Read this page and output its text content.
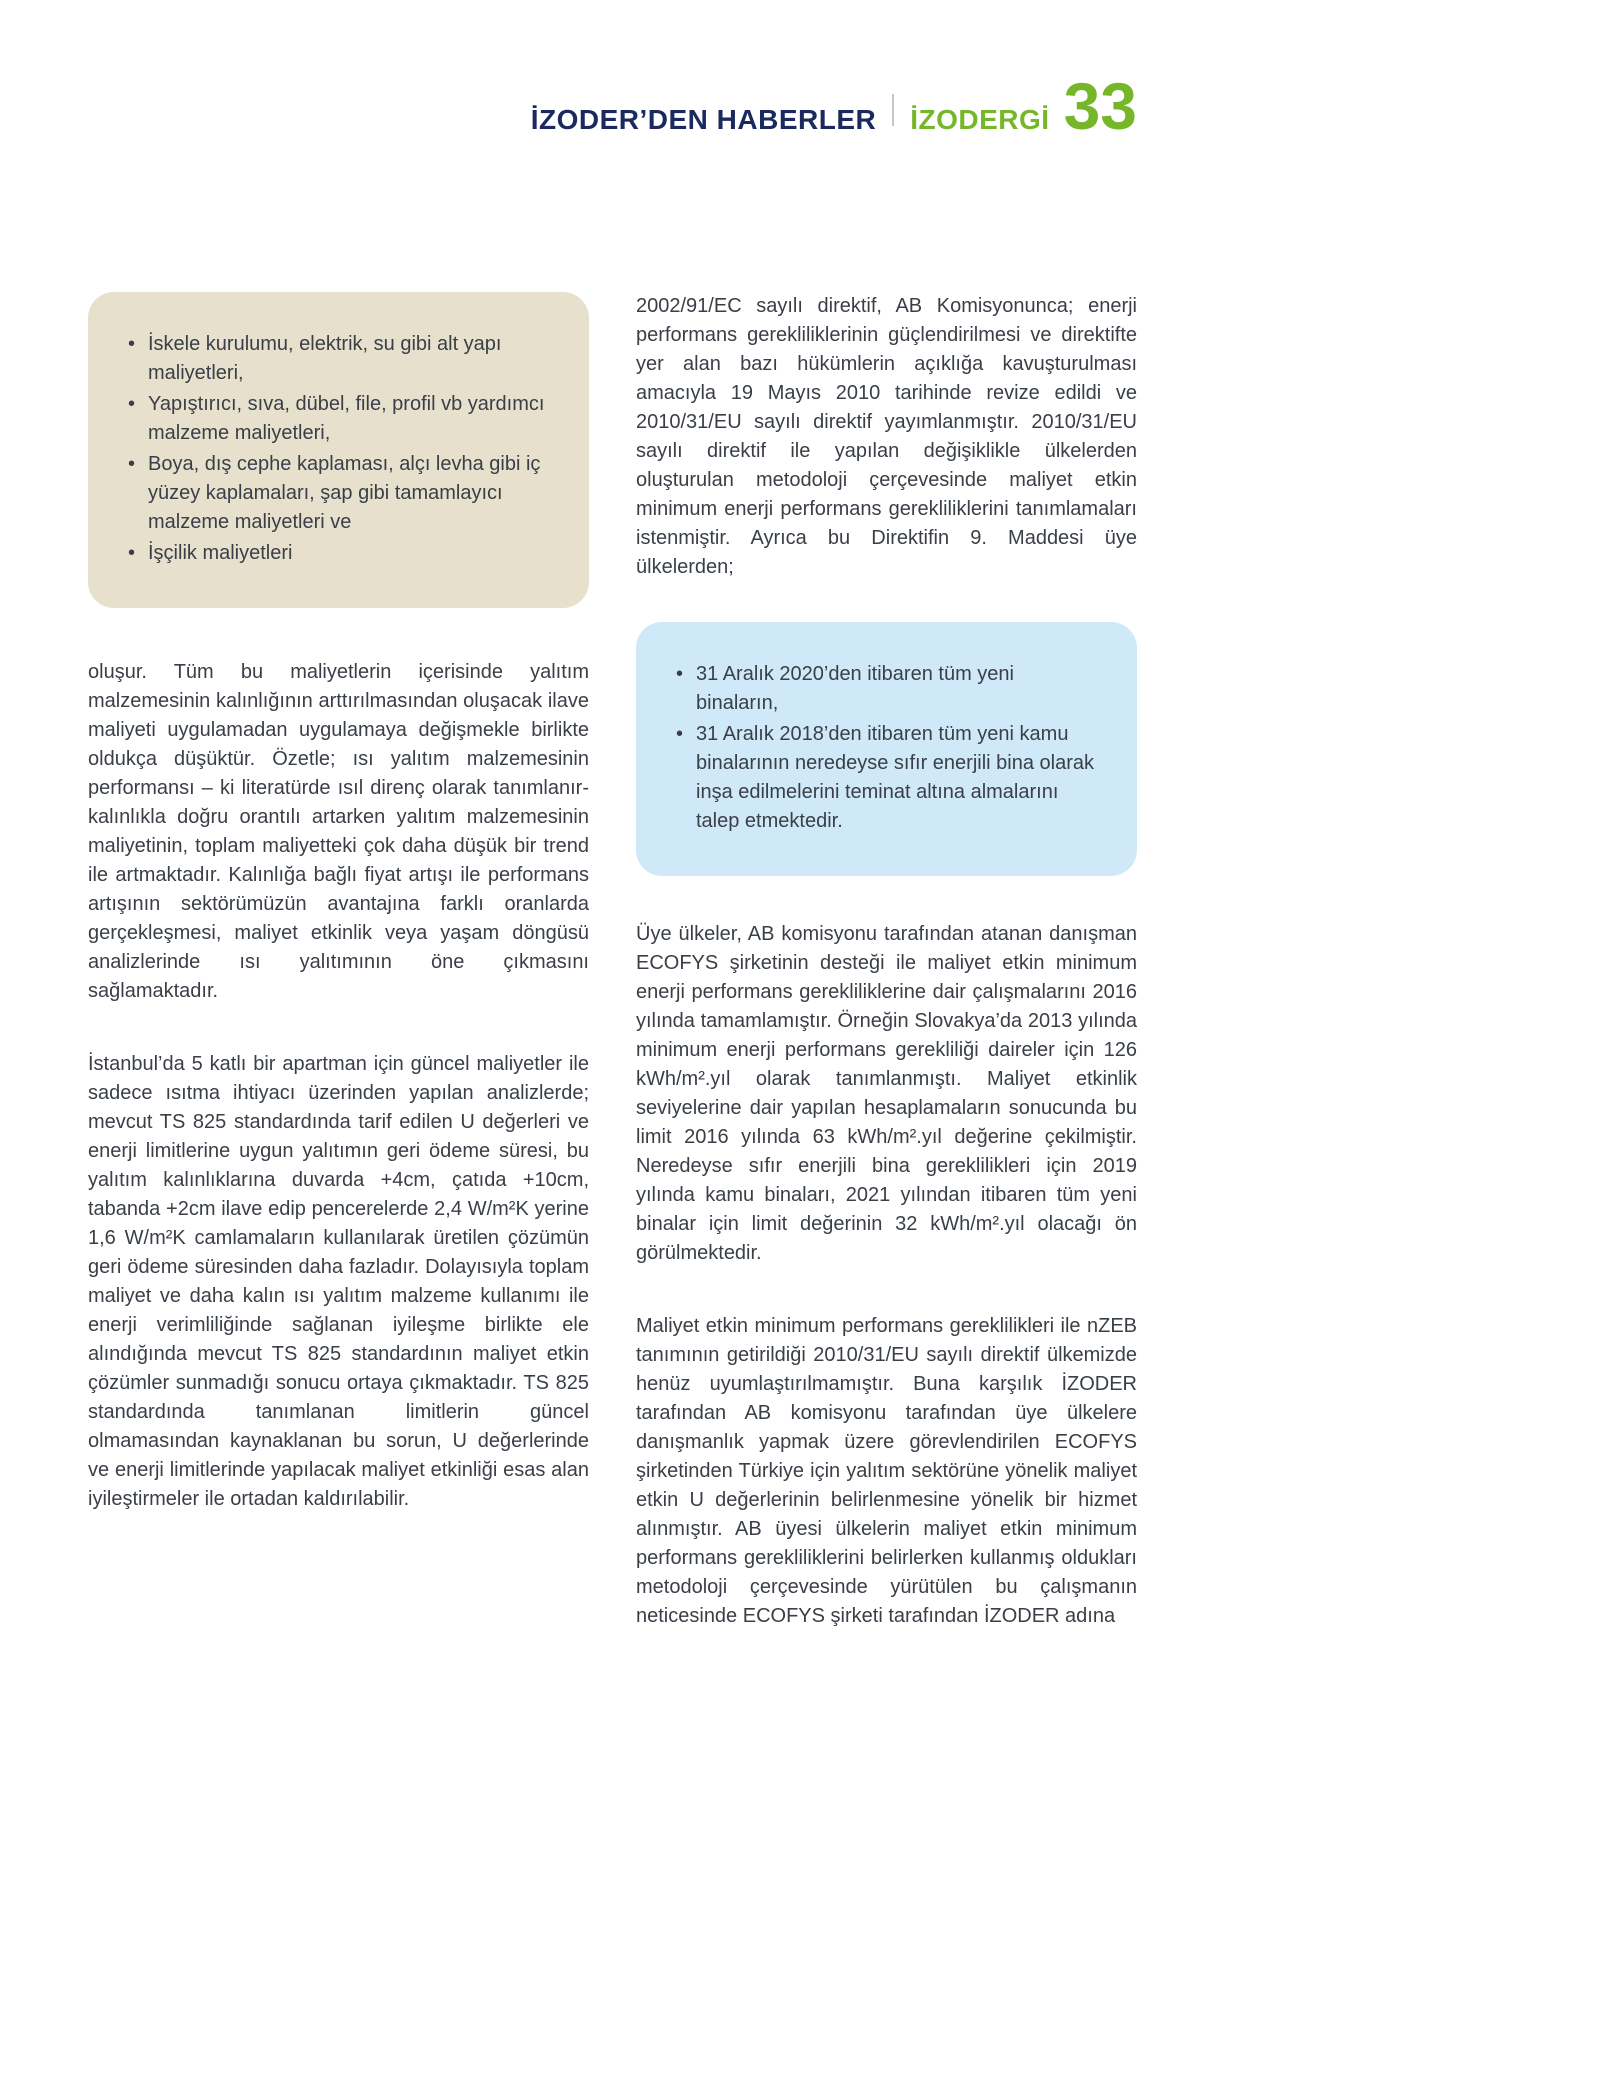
İZODER’DEN HABERLER İZODERGİ 33
• İskele kurulumu, elektrik, su gibi alt yapı maliyetleri,
• Yapıştırıcı, sıva, dübel, file, profil vb yardımcı malzeme maliyetleri,
• Boya, dış cephe kaplaması, alçı levha gibi iç yüzey kaplamaları, şap gibi tamamlayıcı malzeme maliyetleri ve
• İşçilik maliyetleri

oluşur. Tüm bu maliyetlerin içerisinde yalıtım malzemesinin kalınlığının arttırılmasından oluşacak ilave maliyeti uygulamadan uygulamaya değişmekle birlikte oldukça düşüktür. Özetle; ısı yalıtım malzemesinin performansı – ki literatürde ısıl direnç olarak tanımlanır- kalınlıkla doğru orantılı artarken yalıtım malzemesinin maliyetinin, toplam maliyetteki çok daha düşük bir trend ile artmaktadır. Kalınlığa bağlı fiyat artışı ile performans artışının sektörümüzün avantajına farklı oranlarda gerçekleşmesi, maliyet etkinlik veya yaşam döngüsü analizlerinde ısı yalıtımının öne çıkmasını sağlamaktadır.

İstanbul’da 5 katlı bir apartman için güncel maliyetler ile sadece ısıtma ihtiyacı üzerinden yapılan analizlerde; mevcut TS 825 standardında tarif edilen U değerleri ve enerji limitlerine uygun yalıtımın geri ödeme süresi, bu yalıtım kalınlıklarına duvarda +4cm, çatıda +10cm, tabanda +2cm ilave edip pencerelerde 2,4 W/m²K yerine 1,6 W/m²K camlamaların kullanılarak üretilen çözümün geri ödeme süresinden daha fazladır. Dolayısıyla toplam maliyet ve daha kalın ısı yalıtım malzeme kullanımı ile enerji verimliliğinde sağlanan iyileşme birlikte ele alındığında mevcut TS 825 standardının maliyet etkin çözümler sunmadığı sonucu ortaya çıkmaktadır. TS 825 standardında tanımlanan limitlerin güncel olmamasından kaynaklanan bu sorun, U değerlerinde ve enerji limitlerinde yapılacak maliyet etkinliği esas alan iyileştirmeler ile ortadan kaldırılabilir.

2002/91/EC sayılı direktif, AB Komisyonunca; enerji performans gerekliliklerinin güçlendirilmesi ve direktifte yer alan bazı hükümlerin açıklığa kavuşturulması amacıyla 19 Mayıs 2010 tarihinde revize edildi ve 2010/31/EU sayılı direktif yayımlanmıştır. 2010/31/EU sayılı direktif ile yapılan değişiklikle ülkelerden oluşturulan metodoloji çerçevesinde maliyet etkin minimum enerji performans gerekliliklerini tanımlamaları istenmiştir. Ayrıca bu Direktifin 9. Maddesi üye ülkelerden;

• 31 Aralık 2020’den itibaren tüm yeni binaların,
• 31 Aralık 2018’den itibaren tüm yeni kamu binalarının neredeyse sıfır enerjili bina olarak inşa edilmelerini teminat altına almalarını talep etmektedir.

Üye ülkeler, AB komisyonu tarafından atanan danışman ECOFYS şirketinin desteği ile maliyet etkin minimum enerji performans gerekliliklerine dair çalışmalarını 2016 yılında tamamlamıştır. Örneğin Slovakya’da 2013 yılında minimum enerji performans gerekliliği daireler için 126 kWh/m².yıl olarak tanımlanmıştı. Maliyet etkinlik seviyelerine dair yapılan hesaplamaların sonucunda bu limit 2016 yılında 63 kWh/m².yıl değerine çekilmiştir. Neredeyse sıfır enerjili bina gereklilikleri için 2019 yılında kamu binaları, 2021 yılından itibaren tüm yeni binalar için limit değerinin 32 kWh/m².yıl olacağı ön görülmektedir.

Maliyet etkin minimum performans gereklilikleri ile nZEB tanımının getirildiği 2010/31/EU sayılı direktif ülkemizde henüz uyumlaştırılmamıştır. Buna karşılık İZODER tarafından AB komisyonu tarafından üye ülkelere danışmanlık yapmak üzere görevlendirilen ECOFYS şirketinden Türkiye için yalıtım sektörüne yönelik maliyet etkin U değerlerinin belirlenmesine yönelik bir hizmet alınmıştır. AB üyesi ülkelerin maliyet etkin minimum performans gerekliliklerini belirlerken kullanmış oldukları metodoloji çerçevesinde yürütülen bu çalışmanın neticesinde ECOFYS şirketi tarafından İZODER adına
